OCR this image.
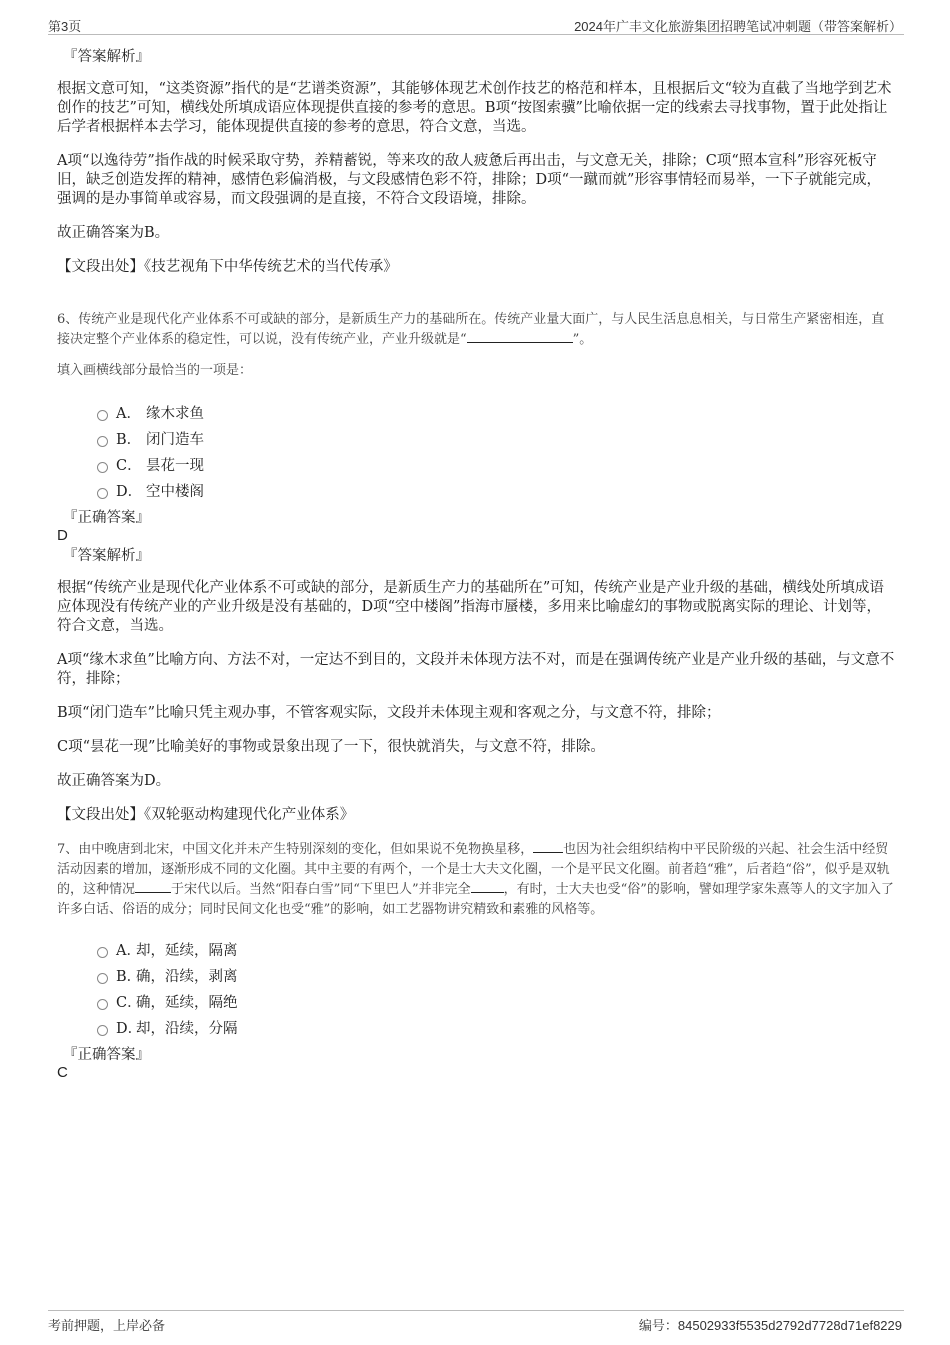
第3页	2024年广丰文化旅游集团招聘笔试冲刺题（带答案解析）
『答案解析』

根据文意可知，“这类资源”指代的是“艺谱类资源”，其能够体现艺术创作技艺的格范和样本，且根据后文“较为直截了当地学到艺术创作的技艺”可知，横线处所填成语应体现提供直接的参考的意思。B项“按图索骥”比喻依据一定的线索去寻找事物，置于此处指让后学者根据样本去学习，能体现提供直接的参考的意思，符合文意，当选。

A项“以逸待劳”指作战的时候采取守势，养精蓄锐，等来攻的敌人疲惫后再出击，与文意无关，排除；C项“照本宣科”形容死板守旧，缺乏创造发挥的精神，感情色彩偏消极，与文段感情色彩不符，排除；D项“一蹴而就”形容事情轻而易举，一下子就能完成，强调的是办事简单或容易，而文段强调的是直接，不符合文段语境，排除。

故正确答案为B。

【文段出处】《技艺视角下中华传统艺术的当代传承》

6、传统产业是现代化产业体系不可或缺的部分，是新质生产力的基础所在。传统产业量大面广，与人民生活息息相关，与日常生产紧密相连，直接决定整个产业体系的稳定性，可以说，没有传统产业，产业升级就是“	”。

填入画横线部分最恰当的一项是：

A． 缘木求鱼
B． 闭门造车
C． 昙花一现
D． 空中楼阁
『正确答案』
D
『答案解析』

根据“传统产业是现代化产业体系不可或缺的部分，是新质生产力的基础所在”可知，传统产业是产业升级的基础，横线处所填成语应体现没有传统产业的产业升级是没有基础的，D项“空中楼阁”指海市蜃楼，多用来比喻虚幻的事物或脱离实际的理论、计划等，符合文意，当选。

A项“缘木求鱼”比喻方向、方法不对，一定达不到目的，文段并未体现方法不对，而是在强调传统产业是产业升级的基础，与文意不符，排除；

B项“闭门造车”比喻只凭主观办事，不管客观实际，文段并未体现主观和客观之分，与文意不符，排除；

C项“昙花一现”比喻美好的事物或景象出现了一下，很快就消失，与文意不符，排除。

故正确答案为D。

【文段出处】《双轮驱动构建现代化产业体系》

7、由中晚唐到北宋，中国文化并未产生特别深刻的变化，但如果说不免物换星移， 也因为社会组织结构中平民阶级的兴起、社会生活中经贸活动因素的增加，逐渐形成不同的文化圈。其中主要的有两个，一个是士大夫文化圈，一个是平民文化圈。前者趋“雅”，后者趋“俗”，似乎是双轨的，这种情况	于宋代以后。当然“阳春白雪”同“下里巴人”并非完全	，有时，士大夫也受“俗”的影响，譬如理学家朱熹等人的文字加入了许多白话、俗语的成分；同时民间文化也受“雅”的影响，如工艺器物讲究精致和素雅的风格等。

A．
却，延续，隔离
B．
确，沿续，剥离
C．
确，延续，隔绝
D．
却，沿续，分隔
『正确答案』
C
考前押题，上岸必备	编号：84502933f5535d2792d7728d71ef8229
